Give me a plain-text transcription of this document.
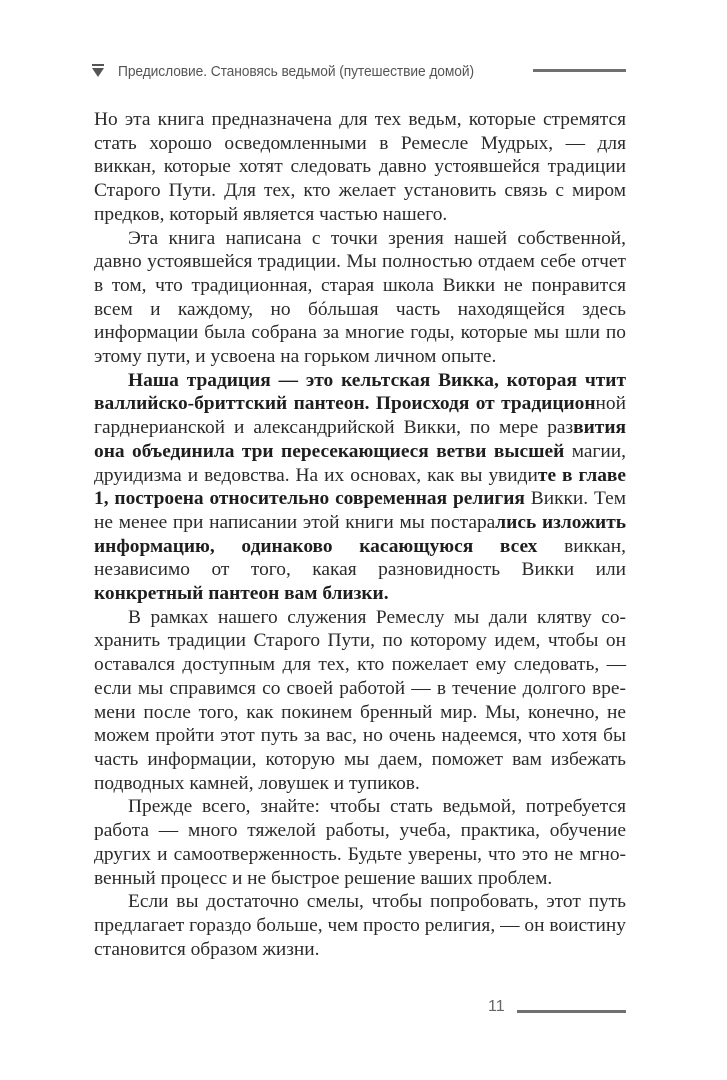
Предисловие. Становясь ведьмой (путешествие домой)

Но эта книга предназначена для тех ведьм, которые стремятся стать хорошо осведомленными в Ремесле Мудрых, — для виккан, которые хотят следовать давно устоявшейся традиции Старого Пути. Для тех, кто желает установить связь с миром предков, который является частью нашего.

Эта книга написана с точки зрения нашей собственной, давно устоявшейся традиции. Мы полностью отдаем себе отчет в том, что традиционная, старая школа Викки не понравится всем и каждому, но бóльшая часть находящейся здесь информации была собрана за многие годы, которые мы шли по этому пути, и усвоена на горьком личном опыте.

Наша традиция — это кельтская Викка, которая чтит валлийско-бриттский пантеон. Происходя от традиционной гарднерианской и александрийской Викки, по мере развития она объединила три пересекающиеся ветви высшей магии, друидизма и ведовства. На их основах, как вы увидите в главе 1, построена относительно современная религия Викки. Тем не менее при написании этой книги мы постарались изложить информацию, одинаково касающуюся всех виккан, независимо от того, какая разновидность Викки или конкретный пантеон вам близки.

В рамках нашего служения Ремеслу мы дали клятву сохранить традиции Старого Пути, по которому идем, чтобы он оставался доступным для тех, кто пожелает ему следовать, — если мы справимся со своей работой — в течение долгого времени после того, как покинем бренный мир. Мы, конечно, не можем пройти этот путь за вас, но очень надеемся, что хотя бы часть информации, которую мы даем, поможет вам избежать подводных камней, ловушек и тупиков.

Прежде всего, знайте: чтобы стать ведьмой, потребуется работа — много тяжелой работы, учеба, практика, обучение других и самоотверженность. Будьте уверены, что это не мгновенный процесс и не быстрое решение ваших проблем.

Если вы достаточно смелы, чтобы попробовать, этот путь предлагает гораздо больше, чем просто религия, — он воистину становится образом жизни.

11
